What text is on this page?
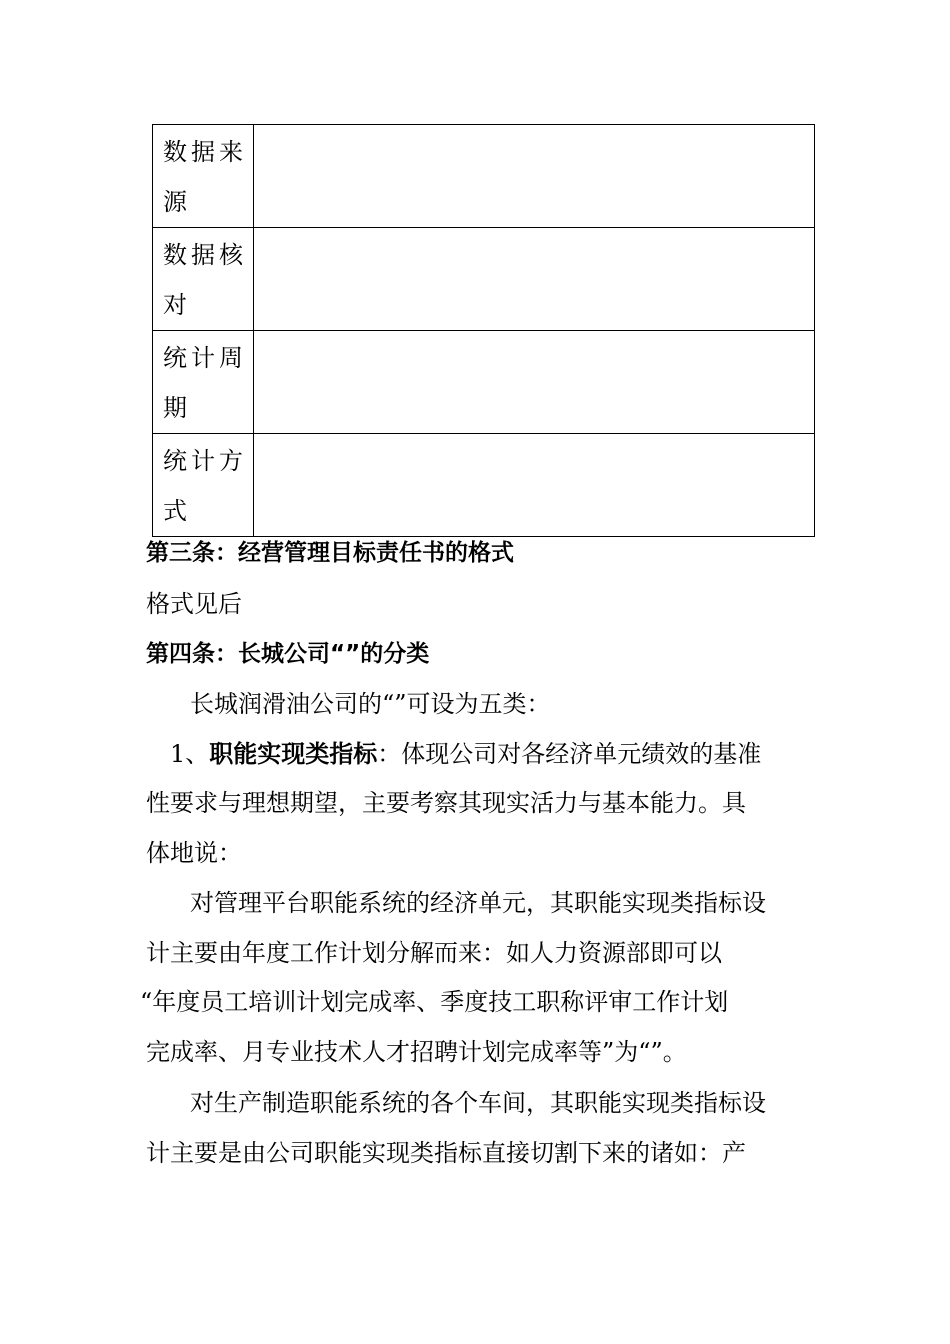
数据来源	

数据核对	

统计周期	

统计方式	

第三条：经营管理目标责任书的格式
格式见后
第四条：长城公司“”的分类
长城润滑油公司的“”可设为五类：
1、职能实现类指标：体现公司对各经济单元绩效的基准
性要求与理想期望，主要考察其现实活力与基本能力。具
体地说：
对管理平台职能系统的经济单元，其职能实现类指标设
计主要由年度工作计划分解而来：如人力资源部即可以
“年度员工培训计划完成率、季度技工职称评审工作计划
完成率、月专业技术人才招聘计划完成率等”为“”。
对生产制造职能系统的各个车间，其职能实现类指标设
计主要是由公司职能实现类指标直接切割下来的诸如：产
